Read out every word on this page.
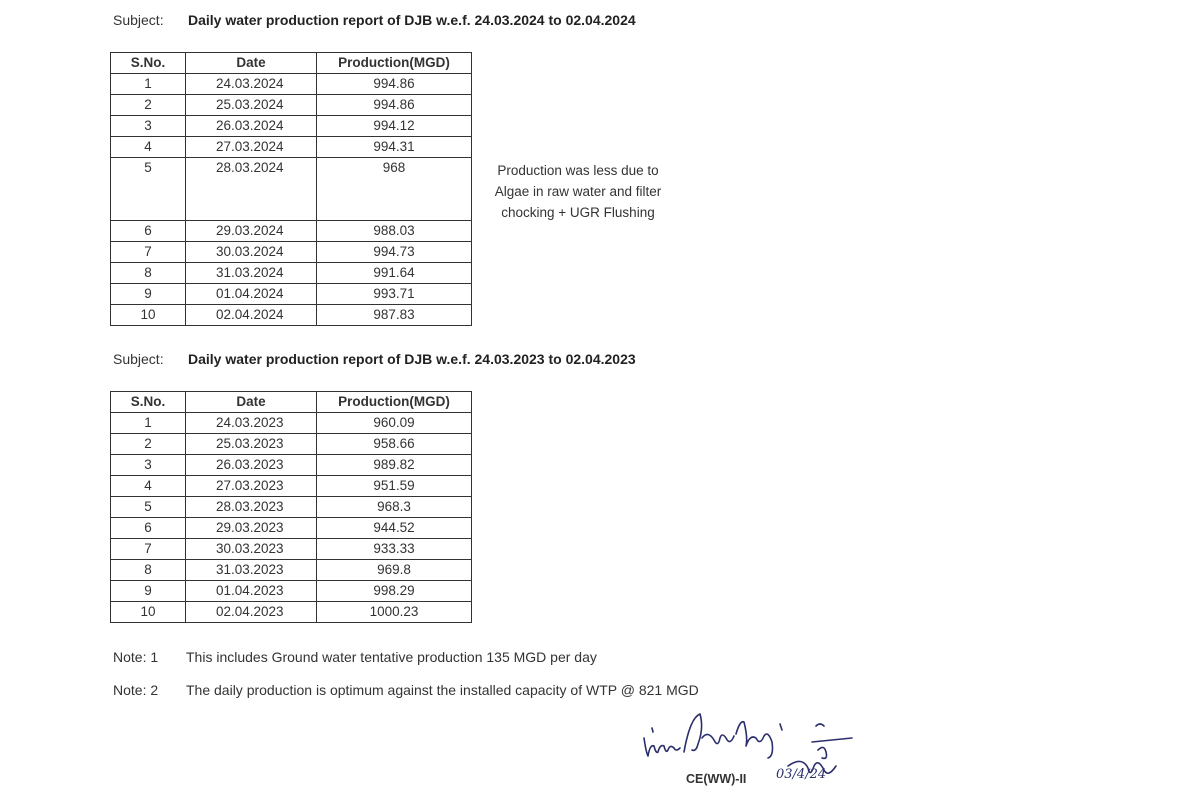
Subject: Daily water production report of DJB w.e.f. 24.03.2024 to 02.04.2024
S.No.	Date	Production(MGD)
1	24.03.2024	994.86
2	25.03.2024	994.86
3	26.03.2024	994.12
4	27.03.2024	994.31
5	28.03.2024	968
6	29.03.2024	988.03
7	30.03.2024	994.73
8	31.03.2024	991.64
9	01.04.2024	993.71
10	02.04.2024	987.83
Production was less due to
Algae in raw water and filter
chocking + UGR Flushing
Subject: Daily water production report of DJB w.e.f. 24.03.2023 to 02.04.2023
S.No.	Date	Production(MGD)
1	24.03.2023	960.09
2	25.03.2023	958.66
3	26.03.2023	989.82
4	27.03.2023	951.59
5	28.03.2023	968.3
6	29.03.2023	944.52
7	30.03.2023	933.33
8	31.03.2023	969.8
9	01.04.2023	998.29
10	02.04.2023	1000.23
Note: 1 This includes Ground water tentative production 135 MGD per day
Note: 2 The daily production is optimum against the installed capacity of WTP @ 821 MGD
03/4/24
CE(WW)-II
